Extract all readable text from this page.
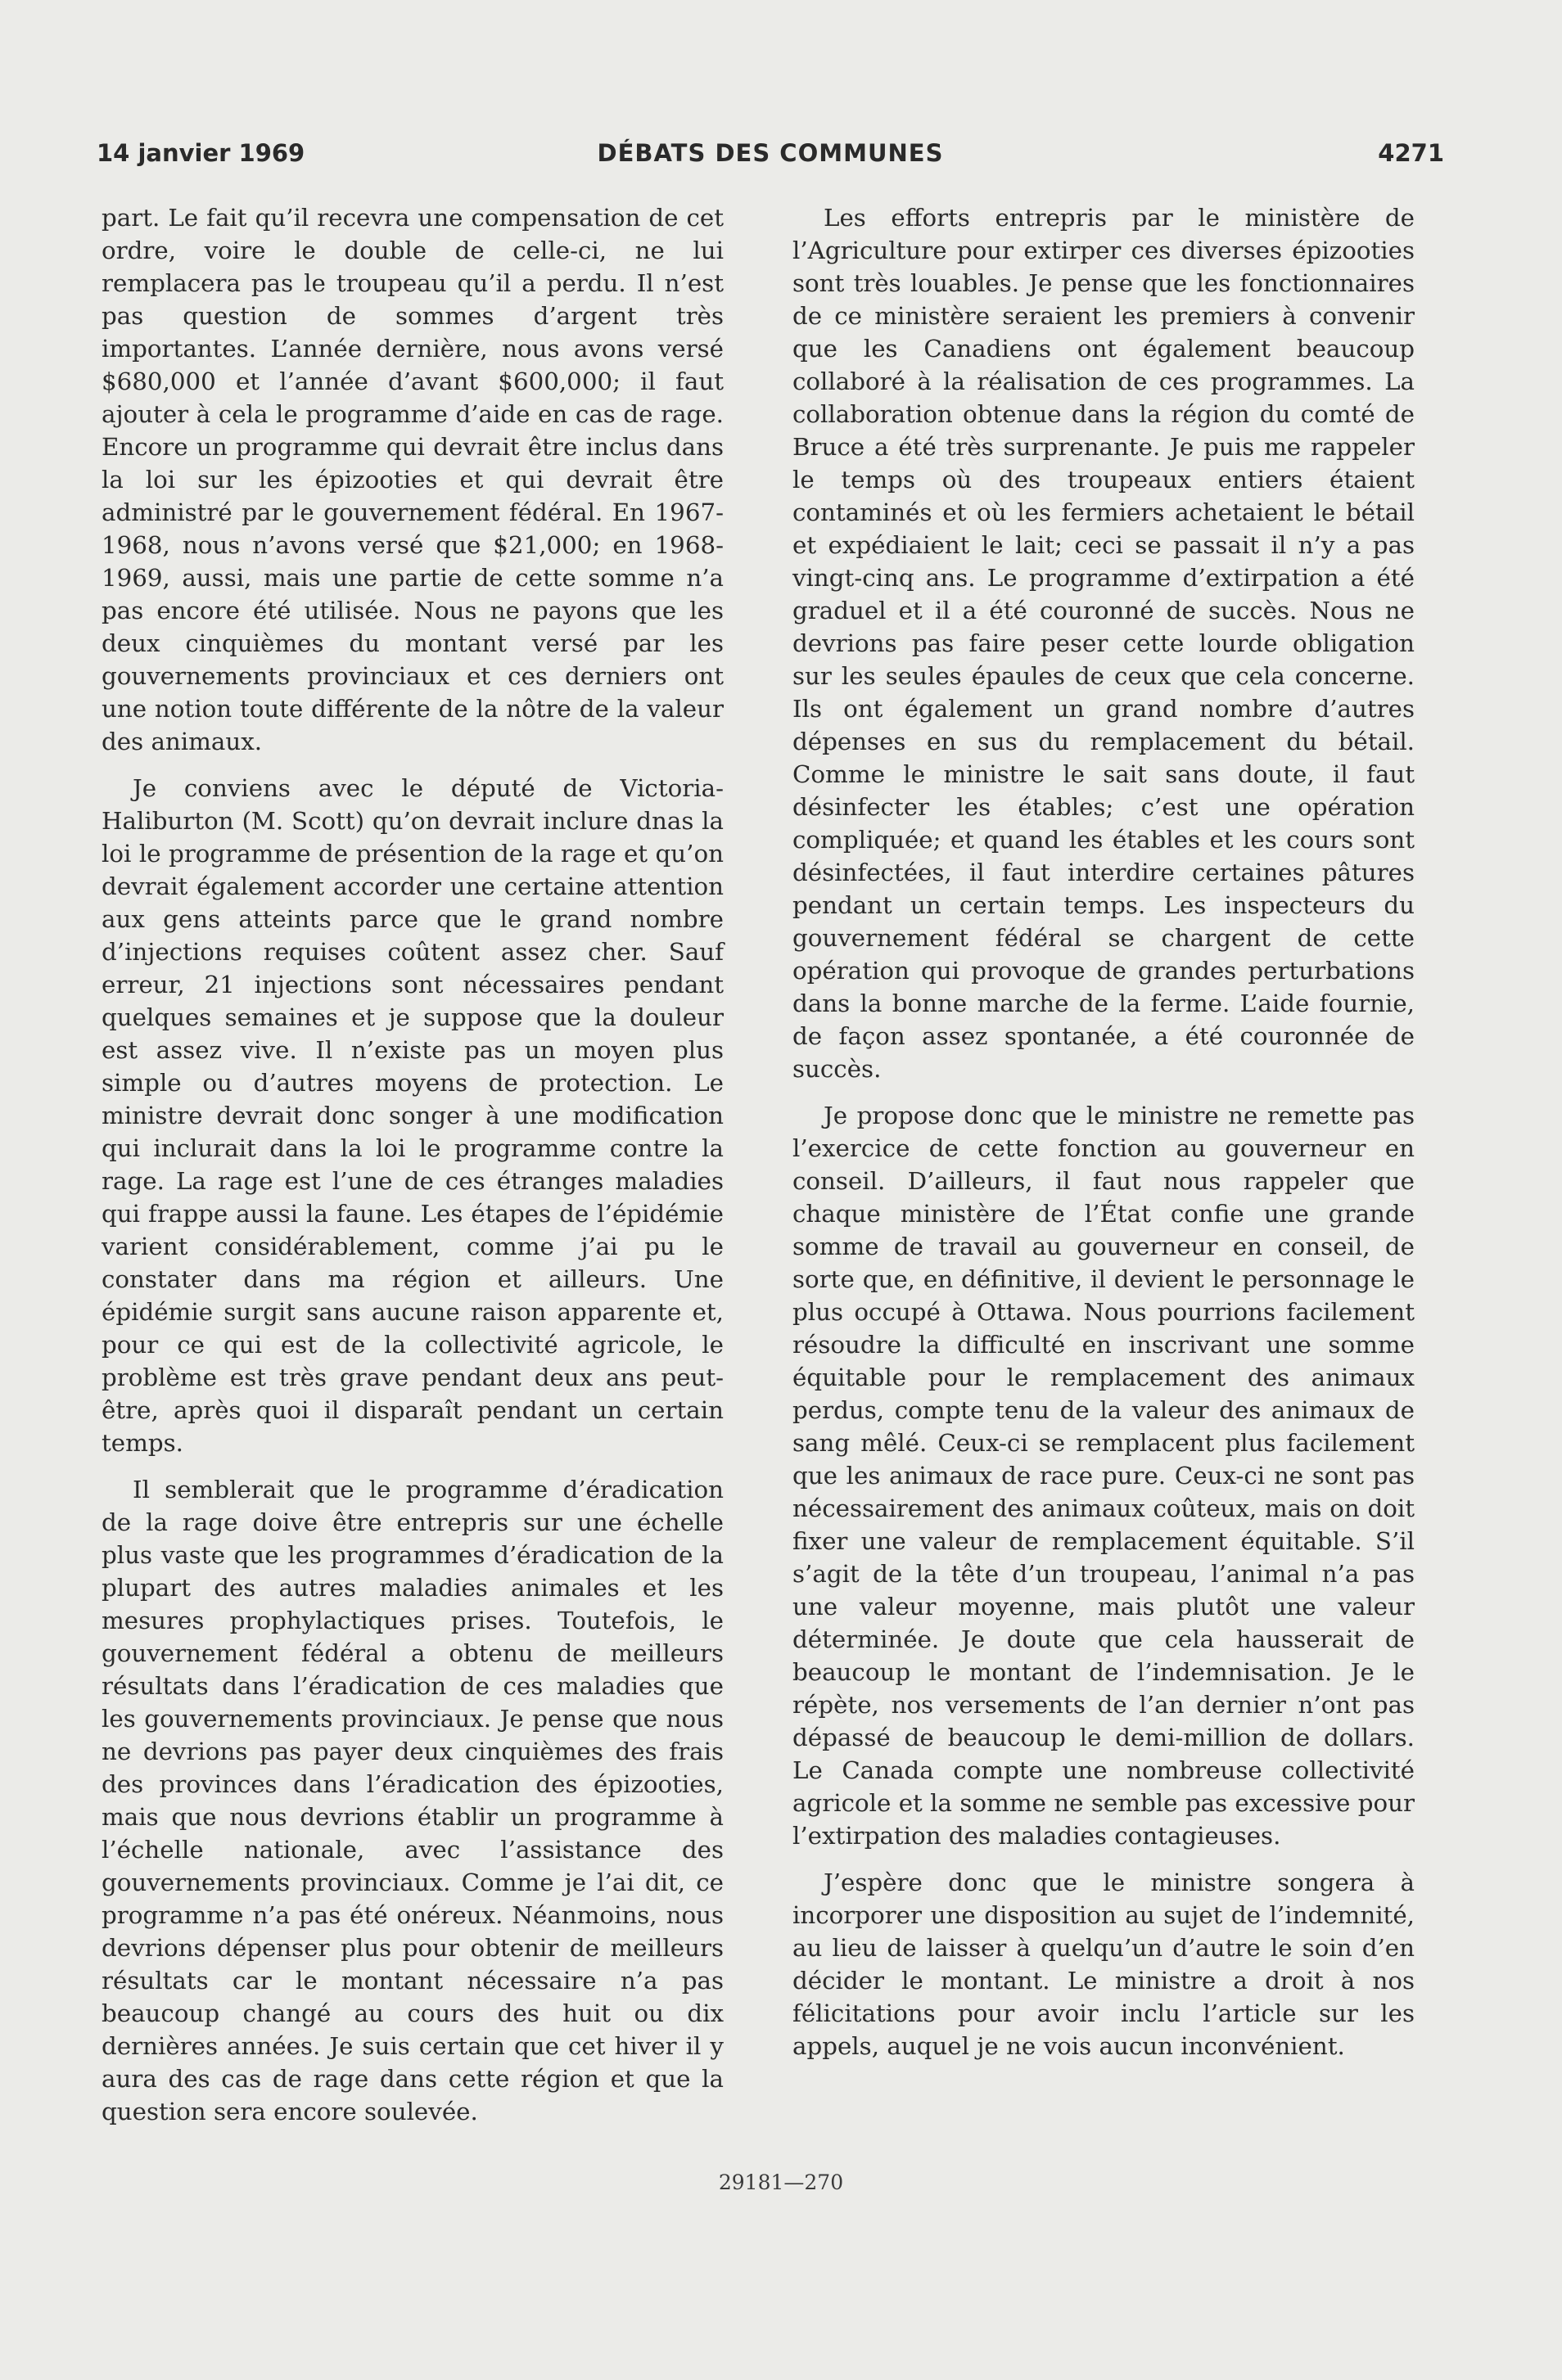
14 janvier 1969	DÉBATS DES COMMUNES	4271

part. Le fait qu’il recevra une compensation de cet ordre, voire le double de celle-ci, ne lui remplacera pas le troupeau qu’il a perdu. Il n’est pas question de sommes d’argent très importantes. L’année dernière, nous avons versé $680,000 et l’année d’avant $600,000; il faut ajouter à cela le programme d’aide en cas de rage. Encore un programme qui devrait être inclus dans la loi sur les épizooties et qui devrait être administré par le gouvernement fédéral. En 1967-1968, nous n’avons versé que $21,000; en 1968-1969, aussi, mais une partie de cette somme n’a pas encore été utilisée. Nous ne payons que les deux cinquièmes du montant versé par les gouvernements provinciaux et ces derniers ont une notion toute différente de la nôtre de la valeur des animaux.

Je conviens avec le député de Victoria-Haliburton (M. Scott) qu’on devrait inclure dnas la loi le programme de présention de la rage et qu’on devrait également accorder une certaine attention aux gens atteints parce que le grand nombre d’injections requises coûtent assez cher. Sauf erreur, 21 injections sont nécessaires pendant quelques semaines et je suppose que la douleur est assez vive. Il n’existe pas un moyen plus simple ou d’autres moyens de protection. Le ministre devrait donc songer à une modification qui inclurait dans la loi le programme contre la rage. La rage est l’une de ces étranges maladies qui frappe aussi la faune. Les étapes de l’épidémie varient considérablement, comme j’ai pu le constater dans ma région et ailleurs. Une épidémie surgit sans aucune raison apparente et, pour ce qui est de la collectivité agricole, le problème est très grave pendant deux ans peut-être, après quoi il disparaît pendant un certain temps.

Il semblerait que le programme d’éradication de la rage doive être entrepris sur une échelle plus vaste que les programmes d’éradication de la plupart des autres maladies animales et les mesures prophylactiques prises. Toutefois, le gouvernement fédéral a obtenu de meilleurs résultats dans l’éradication de ces maladies que les gouvernements provinciaux. Je pense que nous ne devrions pas payer deux cinquièmes des frais des provinces dans l’éradication des épizooties, mais que nous devrions établir un programme à l’échelle nationale, avec l’assistance des gouvernements provinciaux. Comme je l’ai dit, ce programme n’a pas été onéreux. Néanmoins, nous devrions dépenser plus pour obtenir de meilleurs résultats car le montant nécessaire n’a pas beaucoup changé au cours des huit ou dix dernières années. Je suis certain que cet hiver il y aura des cas de rage dans cette région et que la question sera encore soulevée.

Les efforts entrepris par le ministère de l’Agriculture pour extirper ces diverses épizooties sont très louables. Je pense que les fonctionnaires de ce ministère seraient les premiers à convenir que les Canadiens ont également beaucoup collaboré à la réalisation de ces programmes. La collaboration obtenue dans la région du comté de Bruce a été très surprenante. Je puis me rappeler le temps où des troupeaux entiers étaient contaminés et où les fermiers achetaient le bétail et expédiaient le lait; ceci se passait il n’y a pas vingt-cinq ans. Le programme d’extirpation a été graduel et il a été couronné de succès. Nous ne devrions pas faire peser cette lourde obligation sur les seules épaules de ceux que cela concerne. Ils ont également un grand nombre d’autres dépenses en sus du remplacement du bétail. Comme le ministre le sait sans doute, il faut désinfecter les étables; c’est une opération compliquée; et quand les étables et les cours sont désinfectées, il faut interdire certaines pâtures pendant un certain temps. Les inspecteurs du gouvernement fédéral se chargent de cette opération qui provoque de grandes perturbations dans la bonne marche de la ferme. L’aide fournie, de façon assez spontanée, a été couronnée de succès.

Je propose donc que le ministre ne remette pas l’exercice de cette fonction au gouverneur en conseil. D’ailleurs, il faut nous rappeler que chaque ministère de l’État confie une grande somme de travail au gouverneur en conseil, de sorte que, en définitive, il devient le personnage le plus occupé à Ottawa. Nous pourrions facilement résoudre la difficulté en inscrivant une somme équitable pour le remplacement des animaux perdus, compte tenu de la valeur des animaux de sang mêlé. Ceux-ci se remplacent plus facilement que les animaux de race pure. Ceux-ci ne sont pas nécessairement des animaux coûteux, mais on doit fixer une valeur de remplacement équitable. S’il s’agit de la tête d’un troupeau, l’animal n’a pas une valeur moyenne, mais plutôt une valeur déterminée. Je doute que cela hausserait de beaucoup le montant de l’indemnisation. Je le répète, nos versements de l’an dernier n’ont pas dépassé de beaucoup le demi-million de dollars. Le Canada compte une nombreuse collectivité agricole et la somme ne semble pas excessive pour l’extirpation des maladies contagieuses.

J’espère donc que le ministre songera à incorporer une disposition au sujet de l’indemnité, au lieu de laisser à quelqu’un d’autre le soin d’en décider le montant. Le ministre a droit à nos félicitations pour avoir inclu l’article sur les appels, auquel je ne vois aucun inconvénient.

29181—270
